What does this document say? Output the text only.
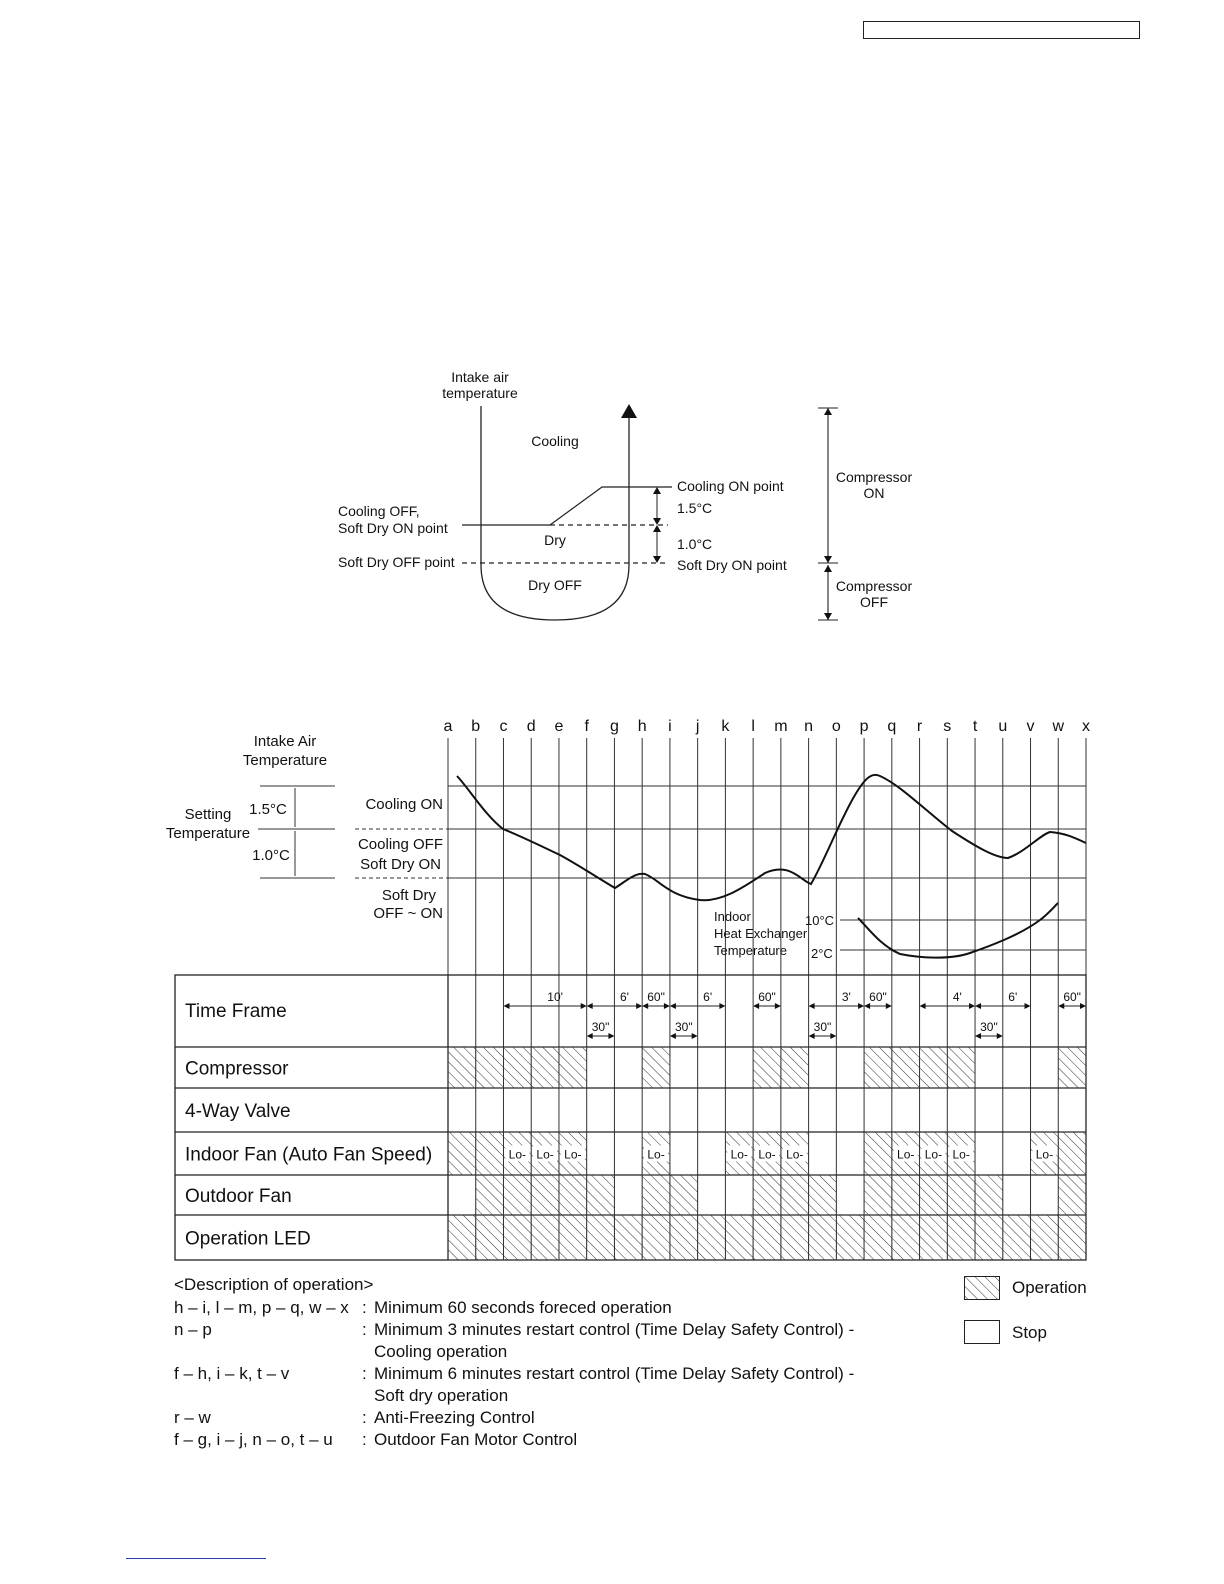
Intake air
temperature
Cooling
Dry
Dry OFF
Cooling OFF,
Soft Dry ON point
Soft Dry OFF point
Cooling ON point
1.5°C
1.0°C
Soft Dry ON point
Compressor
ON
Compressor
OFF
a b c d e f g h i j k l m n o p q r s t u v w x
Time Frame
Compressor
4-Way Valve
Indoor Fan (Auto Fan Speed)
Outdoor Fan
Operation LED
Lo- Lo- Lo-	Lo-	Lo- Lo- Lo-	Lo- Lo- Lo-	Lo-
10'	6' 60"	6'	60"	3' 60"	4'	6'	60"
30"	30"	30"	30"
Intake Air
Temperature
Setting
Temperature
1.5°C
1.0°C
Cooling ON
Cooling OFF
Soft Dry ON
Soft Dry
OFF ~ ON	Indoor
Heat Exchanger
Temperature
10°C
2°C
<Description of operation>
h – i, l – m, p – q, w – x : Minimum 60 seconds foreced operation
n – p	: Minimum 3 minutes restart control (Time Delay Safety Control) -
Cooling operation
f – h, i – k, t – v	: Minimum 6 minutes restart control (Time Delay Safety Control) -
Soft dry operation
r – w	: Anti-Freezing Control
f – g, i – j, n – o, t – u : Outdoor Fan Motor Control
Operation
Stop
